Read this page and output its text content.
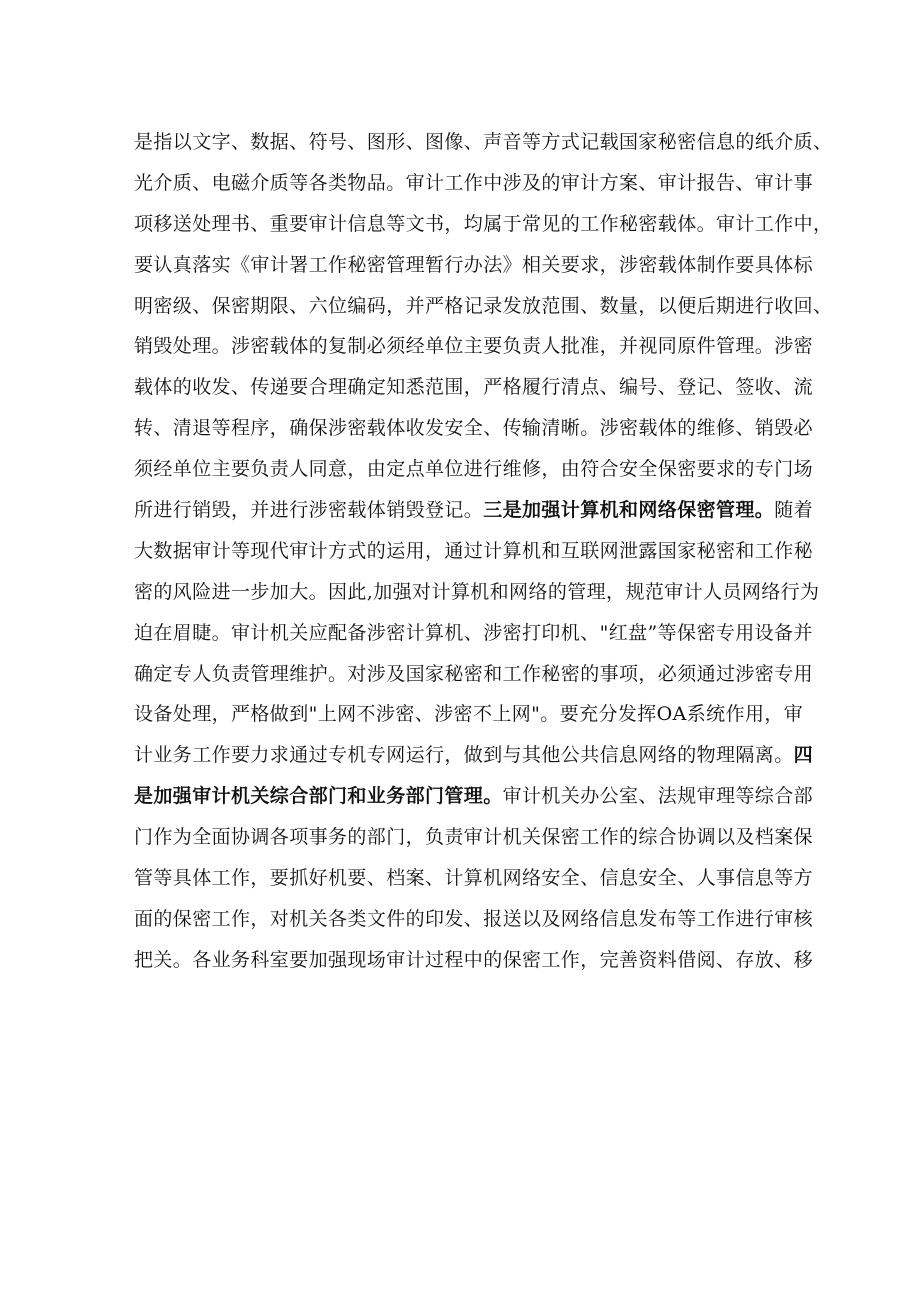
是指以文字、数据、符号、图形、图像、声音等方式记载国家秘密信息的纸介质、
光介质、电磁介质等各类物品。审计工作中涉及的审计方案、审计报告、审计事
项移送处理书、重要审计信息等文书，均属于常见的工作秘密载体。审计工作中，
要认真落实《审计署工作秘密管理暂行办法》相关要求，涉密载体制作要具体标
明密级、保密期限、六位编码，并严格记录发放范围、数量，以便后期进行收回、
销毁处理。涉密载体的复制必须经单位主要负责人批准，并视同原件管理。涉密
载体的收发、传递要合理确定知悉范围，严格履行清点、编号、登记、签收、流
转、清退等程序，确保涉密载体收发安全、传输清晰。涉密载体的维修、销毁必
须经单位主要负责人同意，由定点单位进行维修，由符合安全保密要求的专门场
所进行销毁，并进行涉密载体销毁登记。三是加强计算机和网络保密管理。随着
大数据审计等现代审计方式的运用，通过计算机和互联网泄露国家秘密和工作秘
密的风险进一步加大。因此,加强对计算机和网络的管理，规范审计人员网络行为
迫在眉睫。审计机关应配备涉密计算机、涉密打印机、"红盘”等保密专用设备并
确定专人负责管理维护。对涉及国家秘密和工作秘密的事项，必须通过涉密专用
设备处理，严格做到"上网不涉密、涉密不上网"。要充分发挥OA系统作用，审
计业务工作要力求通过专机专网运行，做到与其他公共信息网络的物理隔离。四
是加强审计机关综合部门和业务部门管理。审计机关办公室、法规审理等综合部
门作为全面协调各项事务的部门，负责审计机关保密工作的综合协调以及档案保
管等具体工作，要抓好机要、档案、计算机网络安全、信息安全、人事信息等方
面的保密工作，对机关各类文件的印发、报送以及网络信息发布等工作进行审核
把关。各业务科室要加强现场审计过程中的保密工作，完善资料借阅、存放、移
